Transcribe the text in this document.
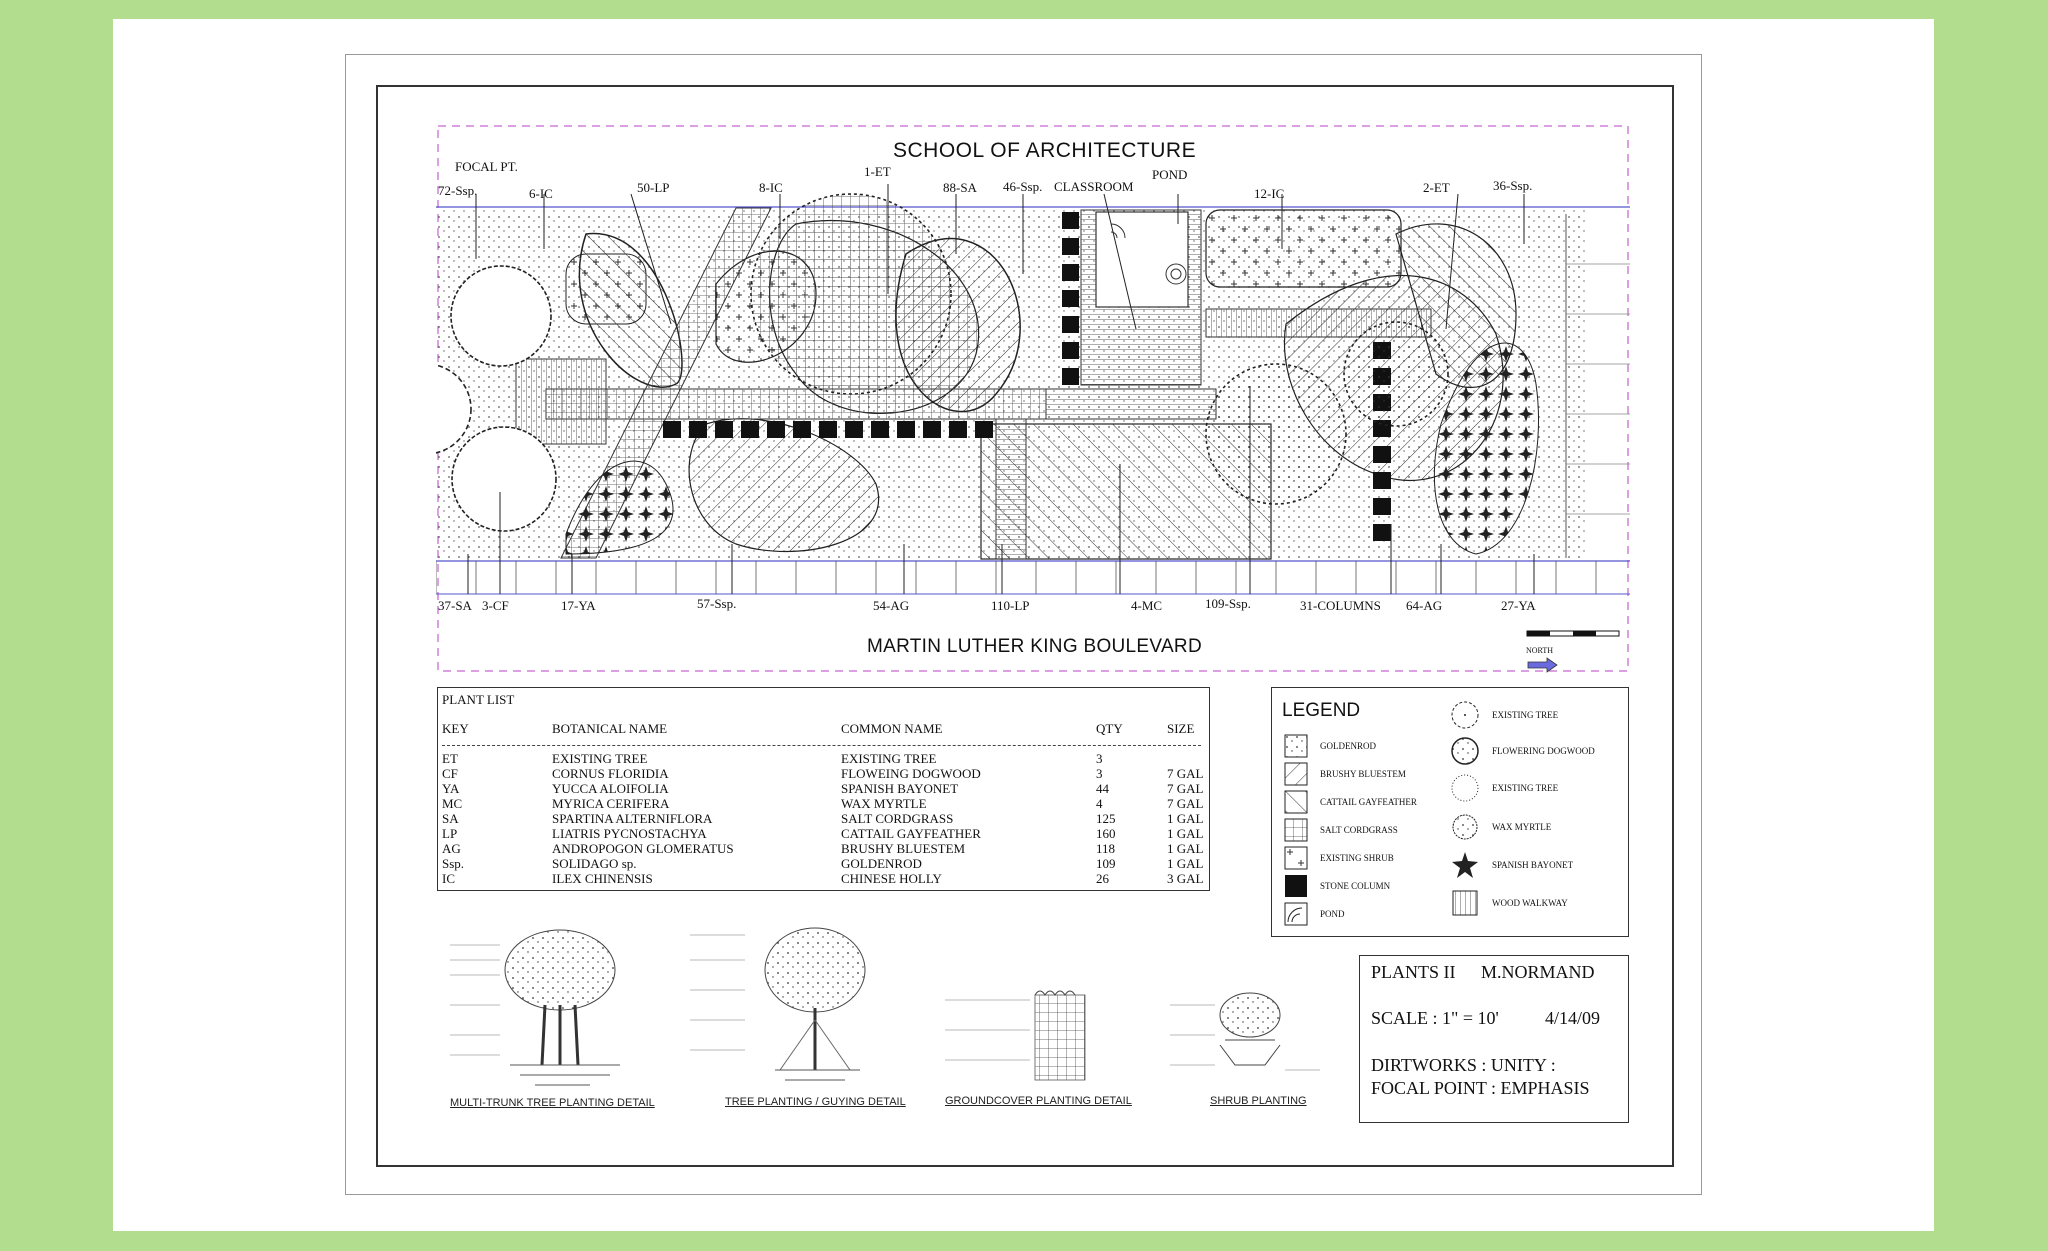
SCHOOL OF ARCHITECTURE
MARTIN LUTHER KING BOULEVARD
FOCAL PT.
72-Ssp.	6-IC	50-LP	8-IC
1-ET
88-SA 46-Ssp. CLASSROOM
POND
12-IC	2-ET	36-Ssp.
37-SA 3-CF	17-YA	57-Ssp.	54-AG	110-LP	4-MC	109-Ssp.	31-COLUMNS 64-AG	27-YA
NORTH
PLANT LIST
KEY	BOTANICAL NAME	COMMON NAME	QTY	SIZE
ET	EXISTING TREE	EXISTING TREE	3
CF	CORNUS FLORIDIA	FLOWEING DOGWOOD	3	7 GAL
YA	YUCCA ALOIFOLIA	SPANISH BAYONET	44	7 GAL
MC	MYRICA CERIFERA	WAX MYRTLE	4	7 GAL
SA	SPARTINA ALTERNIFLORA	SALT CORDGRASS	125	1 GAL
LP	LIATRIS PYCNOSTACHYA	CATTAIL GAYFEATHER	160	1 GAL
AG	ANDROPOGON GLOMERATUS	BRUSHY BLUESTEM	118	1 GAL
Ssp.	SOLIDAGO sp.	GOLDENROD	109	1 GAL
IC	ILEX CHINENSIS	CHINESE HOLLY	26	3 GAL
LEGEND
GOLDENROD
BRUSHY BLUESTEM
CATTAIL GAYFEATHER
SALT CORDGRASS
EXISTING SHRUB
STONE COLUMN
POND
EXISTING TREE
FLOWERING DOGWOOD
EXISTING TREE
WAX MYRTLE
SPANISH BAYONET
WOOD WALKWAY
PLANTS II M.NORMAND
SCALE : 1" = 10'	4/14/09
DIRTWORKS : UNITY :
FOCAL POINT : EMPHASIS
MULTI-TRUNK TREE PLANTING DETAIL	TREE PLANTING / GUYING DETAIL	GROUNDCOVER PLANTING DETAIL	SHRUB PLANTING
